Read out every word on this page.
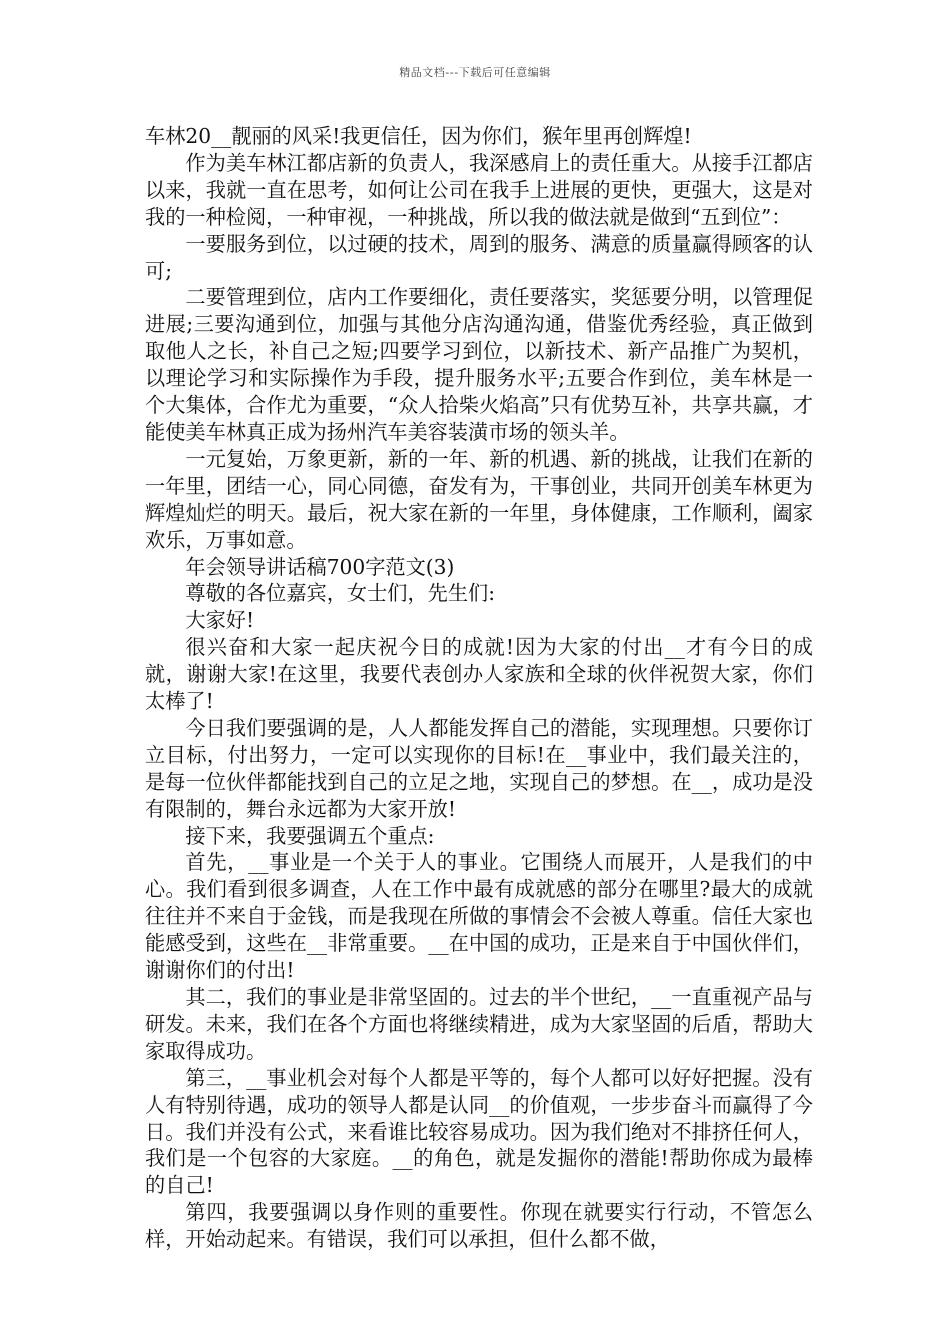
精品文档---下载后可任意编辑

车林20__靓丽的风采!我更信任，因为你们，猴年里再创辉煌!

作为美车林江都店新的负责人，我深感肩上的责任重大。从接手江都店以来，我就一直在思考，如何让公司在我手上进展的更快，更强大，这是对我的一种检阅，一种审视，一种挑战，所以我的做法就是做到“五到位”：

一要服务到位，以过硬的技术，周到的服务、满意的质量赢得顾客的认可;

二要管理到位，店内工作要细化，责任要落实，奖惩要分明，以管理促进展;三要沟通到位，加强与其他分店沟通沟通，借鉴优秀经验，真正做到取他人之长，补自己之短;四要学习到位，以新技术、新产品推广为契机，以理论学习和实际操作为手段，提升服务水平;五要合作到位，美车林是一个大集体，合作尤为重要，“众人拾柴火焰高”只有优势互补，共享共赢，才能使美车林真正成为扬州汽车美容装潢市场的领头羊。

一元复始，万象更新，新的一年、新的机遇、新的挑战，让我们在新的一年里，团结一心，同心同德，奋发有为，干事创业，共同开创美车林更为辉煌灿烂的明天。最后，祝大家在新的一年里，身体健康，工作顺利，阖家欢乐，万事如意。

年会领导讲话稿700字范文(3)

尊敬的各位嘉宾，女士们，先生们:

大家好!

很兴奋和大家一起庆祝今日的成就!因为大家的付出__才有今日的成就，谢谢大家!在这里，我要代表创办人家族和全球的伙伴祝贺大家，你们太棒了!

今日我们要强调的是，人人都能发挥自己的潜能，实现理想。只要你订立目标，付出努力，一定可以实现你的目标!在__事业中，我们最关注的，是每一位伙伴都能找到自己的立足之地，实现自己的梦想。在__，成功是没有限制的，舞台永远都为大家开放!

接下来，我要强调五个重点:

首先，__事业是一个关于人的事业。它围绕人而展开，人是我们的中心。我们看到很多调查，人在工作中最有成就感的部分在哪里?最大的成就往往并不来自于金钱，而是我现在所做的事情会不会被人尊重。信任大家也能感受到，这些在__非常重要。__在中国的成功，正是来自于中国伙伴们，谢谢你们的付出!

其二，我们的事业是非常坚固的。过去的半个世纪，__一直重视产品与研发。未来，我们在各个方面也将继续精进，成为大家坚固的后盾，帮助大家取得成功。

第三，__事业机会对每个人都是平等的，每个人都可以好好把握。没有人有特别待遇，成功的领导人都是认同__的价值观，一步步奋斗而赢得了今日。我们并没有公式，来看谁比较容易成功。因为我们绝对不排挤任何人，我们是一个包容的大家庭。__的角色，就是发掘你的潜能!帮助你成为最棒的自己!

第四，我要强调以身作则的重要性。你现在就要实行行动，不管怎么样，开始动起来。有错误，我们可以承担，但什么都不做，
